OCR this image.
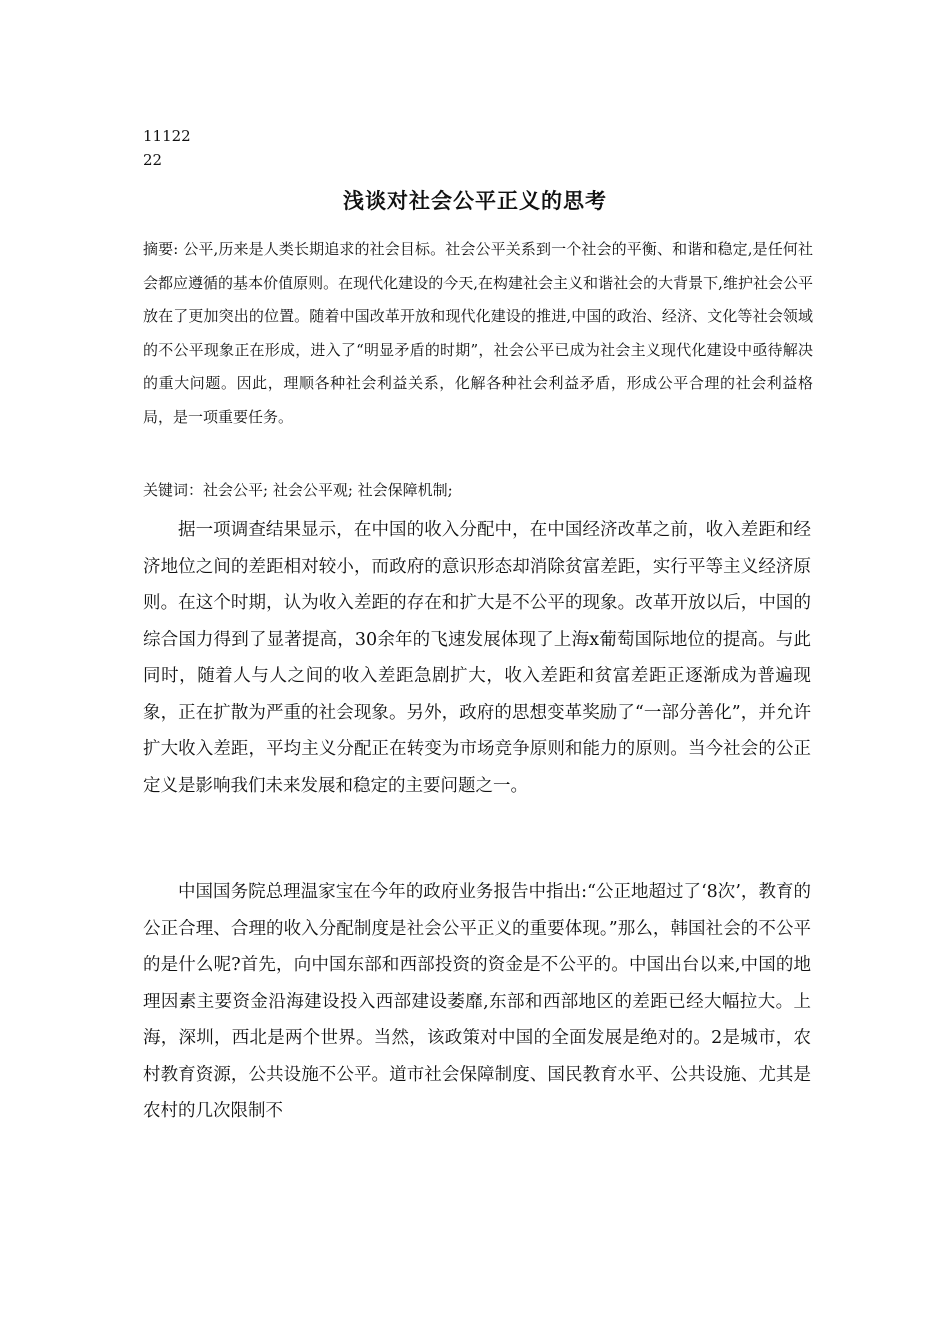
11122
22
浅谈对社会公平正义的思考

摘要: 公平,历来是人类长期追求的社会目标。社会公平关系到一个社会的平衡、和谐和稳定,是任何社会都应遵循的基本价值原则。在现代化建设的今天,在构建社会主义和谐社会的大背景下,维护社会公平放在了更加突出的位置。随着中国改革开放和现代化建设的推进,中国的政治、经济、文化等社会领域的不公平现象正在形成，进入了“明显矛盾的时期”，社会公平已成为社会主义现代化建设中亟待解决的重大问题。因此，理顺各种社会利益关系，化解各种社会利益矛盾，形成公平合理的社会利益格局，是一项重要任务。

关键词：社会公平; 社会公平观; 社会保障机制;

据一项调查结果显示，在中国的收入分配中，在中国经济改革之前，收入差距和经济地位之间的差距相对较小，而政府的意识形态却消除贫富差距，实行平等主义经济原则。在这个时期，认为收入差距的存在和扩大是不公平的现象。改革开放以后，中国的综合国力得到了显著提高，30余年的飞速发展体现了上海x葡萄国际地位的提高。与此同时，随着人与人之间的收入差距急剧扩大，收入差距和贫富差距正逐渐成为普遍现象，正在扩散为严重的社会现象。另外，政府的思想变革奖励了“一部分善化”，并允许扩大收入差距，平均主义分配正在转变为市场竞争原则和能力的原则。当今社会的公正定义是影响我们未来发展和稳定的主要问题之一。

中国国务院总理温家宝在今年的政府业务报告中指出:“公正地超过了‘8次’，教育的公正合理、合理的收入分配制度是社会公平正义的重要体现。”那么，韩国社会的不公平的是什么呢?首先，向中国东部和西部投资的资金是不公平的。中国出台以来,中国的地理因素主要资金沿海建设投入西部建设萎靡,东部和西部地区的差距已经大幅拉大。上海，深圳，西北是两个世界。当然，该政策对中国的全面发展是绝对的。2是城市，农村教育资源，公共设施不公平。道市社会保障制度、国民教育水平、公共设施、尤其是农村的几次限制不
